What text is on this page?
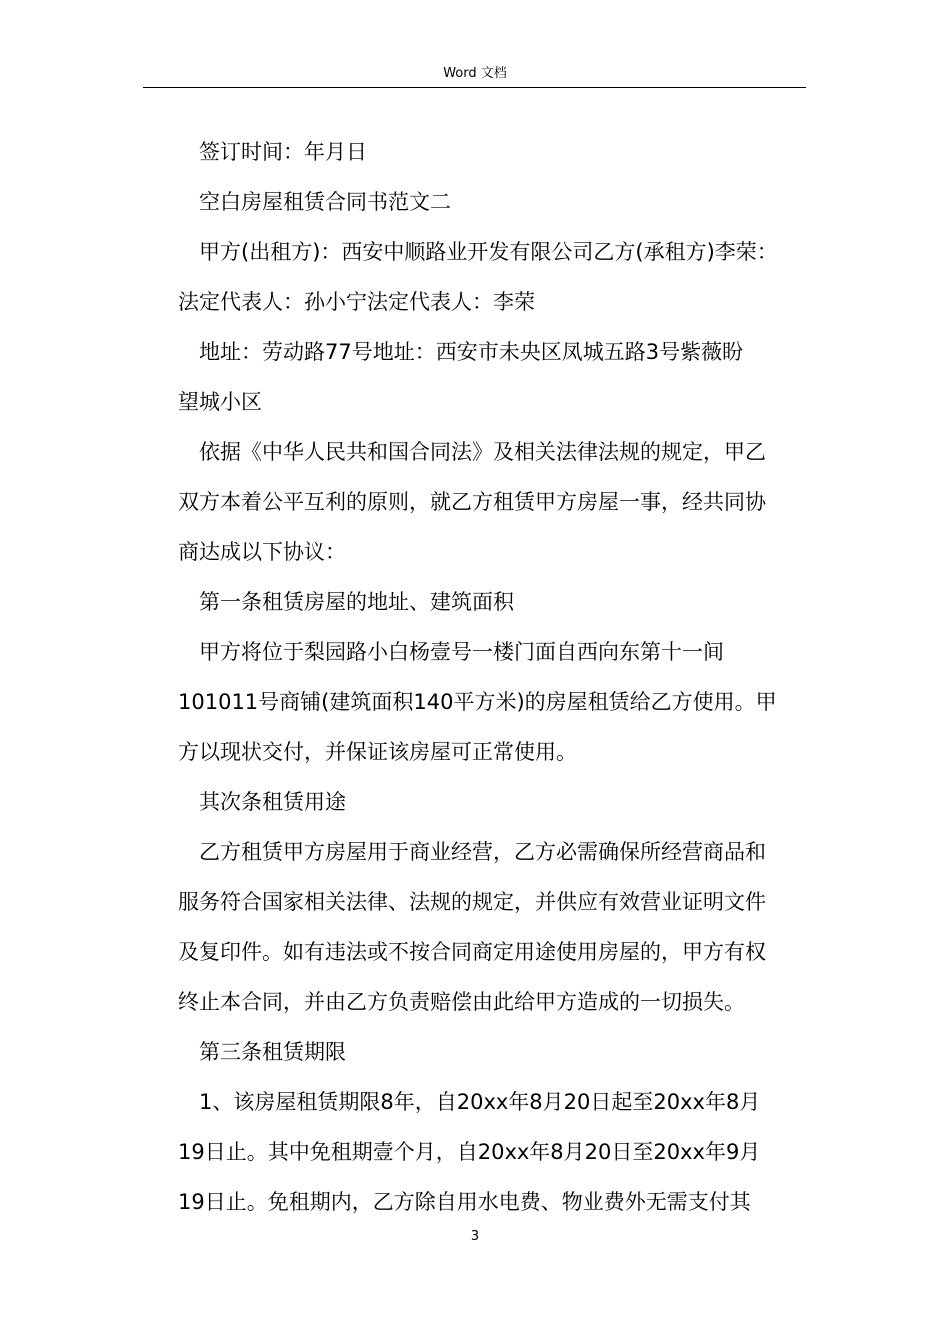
Word 文档
签订时间：年月日
空白房屋租赁合同书范文二
甲方(出租方)：西安中顺路业开发有限公司乙方(承租方)李荣：
法定代表人：孙小宁法定代表人：李荣
地址：劳动路77号地址：西安市未央区凤城五路3号紫薇盼
望城小区
依据《中华人民共和国合同法》及相关法律法规的规定，甲乙
双方本着公平互利的原则，就乙方租赁甲方房屋一事，经共同协
商达成以下协议：
第一条租赁房屋的地址、建筑面积
甲方将位于梨园路小白杨壹号一楼门面自西向东第十一间
101011号商铺(建筑面积140平方米)的房屋租赁给乙方使用。甲
方以现状交付，并保证该房屋可正常使用。
其次条租赁用途
乙方租赁甲方房屋用于商业经营，乙方必需确保所经营商品和
服务符合国家相关法律、法规的规定，并供应有效营业证明文件
及复印件。如有违法或不按合同商定用途使用房屋的，甲方有权
终止本合同，并由乙方负责赔偿由此给甲方造成的一切损失。
第三条租赁期限
1、该房屋租赁期限8年，自20xx年8月20日起至20xx年8月
19日止。其中免租期壹个月，自20xx年8月20日至20xx年9月
19日止。免租期内，乙方除自用水电费、物业费外无需支付其
3
